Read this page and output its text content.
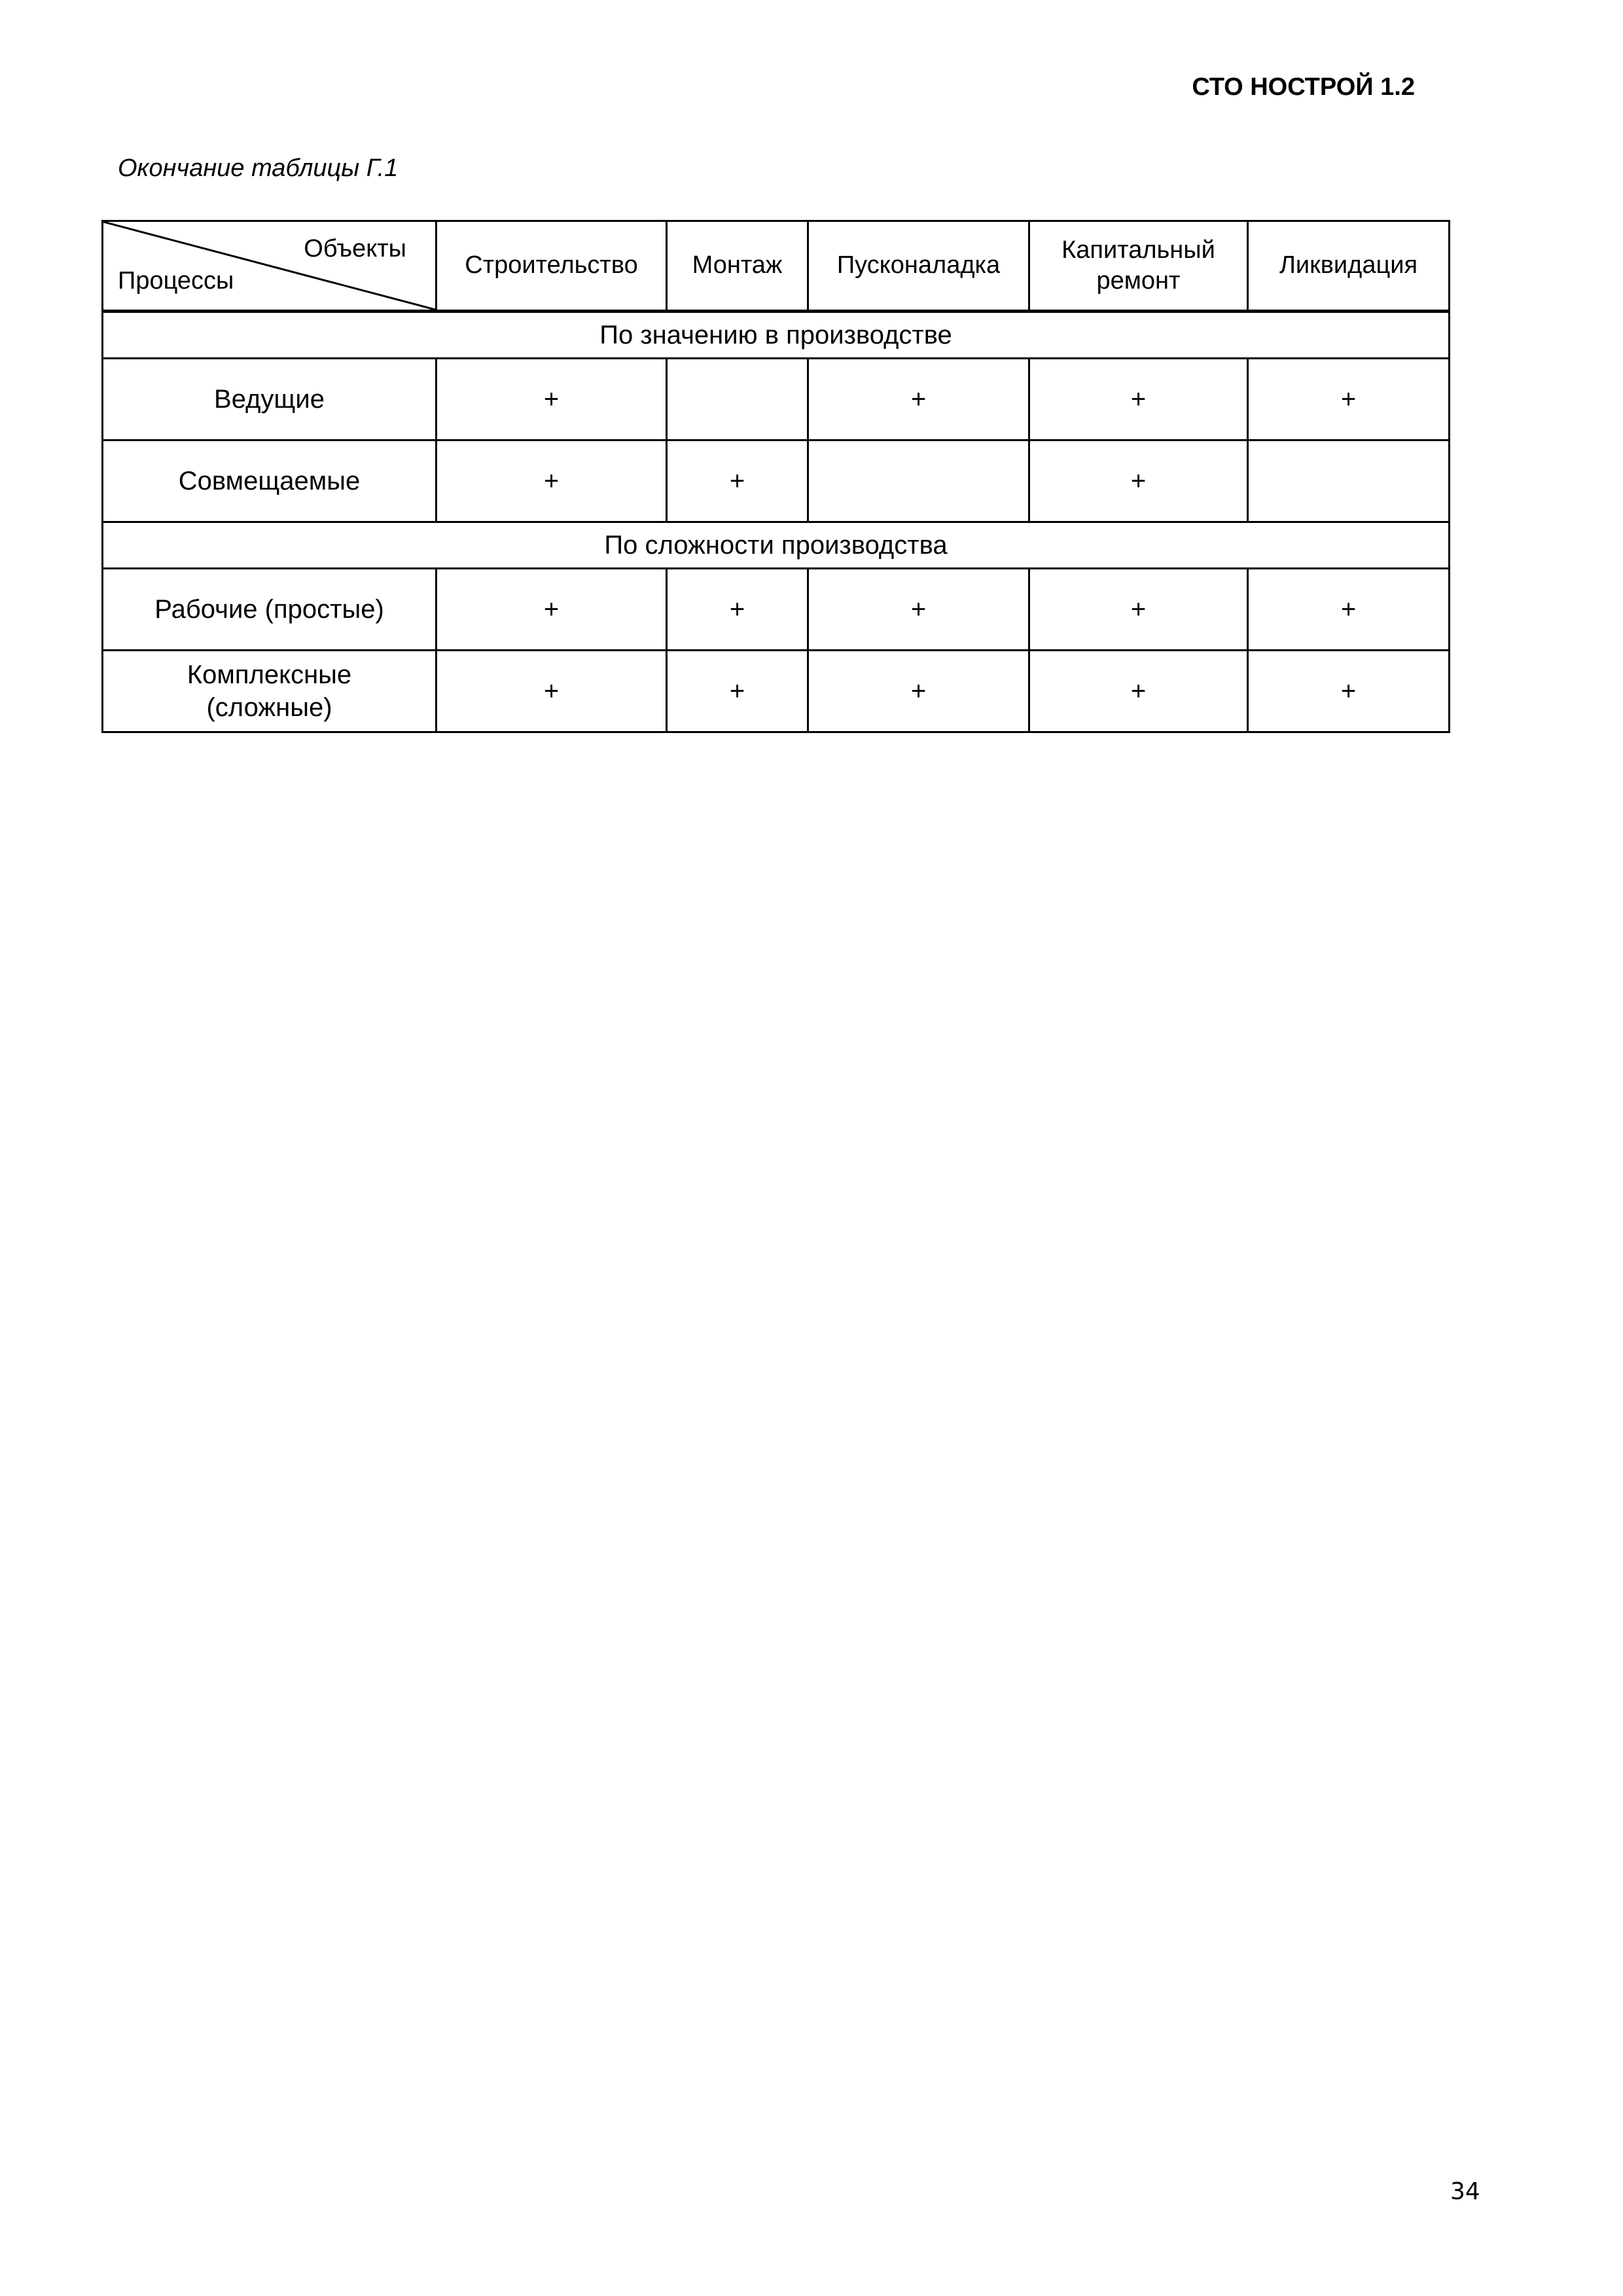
СТО НОСТРОЙ 1.2
Окончание таблицы Г.1
Объекты
Процессы	Строительство	Монтаж	Пусконаладка	Капитальный ремонт	Ликвидация
По значению в производстве					
Ведущие	+		+	+	+
Совмещаемые	+	+		+	
По сложности производства					
Рабочие (простые)	+	+	+	+	+
Комплексные (сложные)	+	+	+	+	+
34
